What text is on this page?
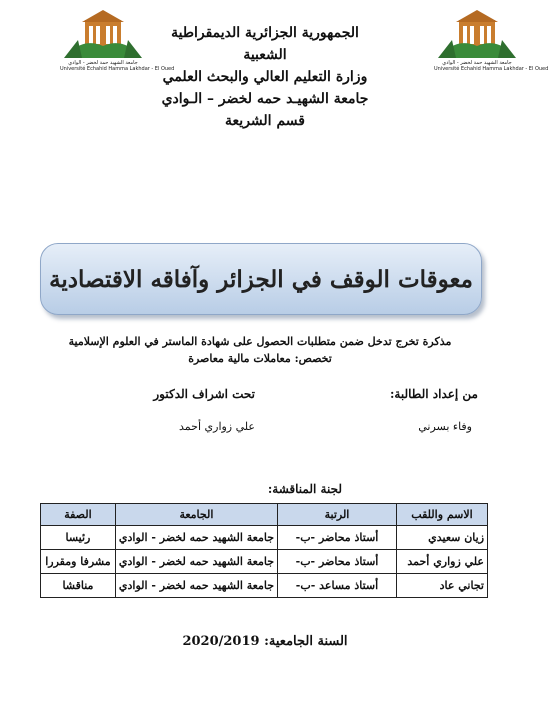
جامعة الشهيد حمة لخضر - الوادي
Université Echahid Hamma Lakhdar - El Oued
جامعة الشهيد حمة لخضر - الوادي
Université Echahid Hamma Lakhdar - El Oued
الجمهورية الجزائرية الديمقراطية الشعبية
وزارة التعليم العالي والبحث العلمي
جامعة الشهيـد حمه لخضر – الـوادي
قسم الشريعة
معوقات الوقف في الجزائر وآفاقه الاقتصادية
مذكرة تخرج تدخل ضمن متطلبات الحصول على شهادة الماستر في العلوم الإسلامية
تخصص: معاملات مالية معاصرة
من إعداد الطالبة:
تحت اشراف الدكتور
وفاء بسرني
علي زواري أحمد
لجنة المناقشة:
الاسم واللقب	الرتبة	الجامعة	الصفة
زيان سعيدي	أستاذ محاضر -ب-	جامعة الشهيد حمه لخضر - الوادي	رئيسا
علي زواري أحمد	أستاذ محاضر -ب-	جامعة الشهيد حمه لخضر - الوادي	مشرفا ومقررا
تجاني عاد	أستاذ مساعد -ب-	جامعة الشهيد حمه لخضر - الوادي	مناقشا
السنة الجامعية: 2020/2019
